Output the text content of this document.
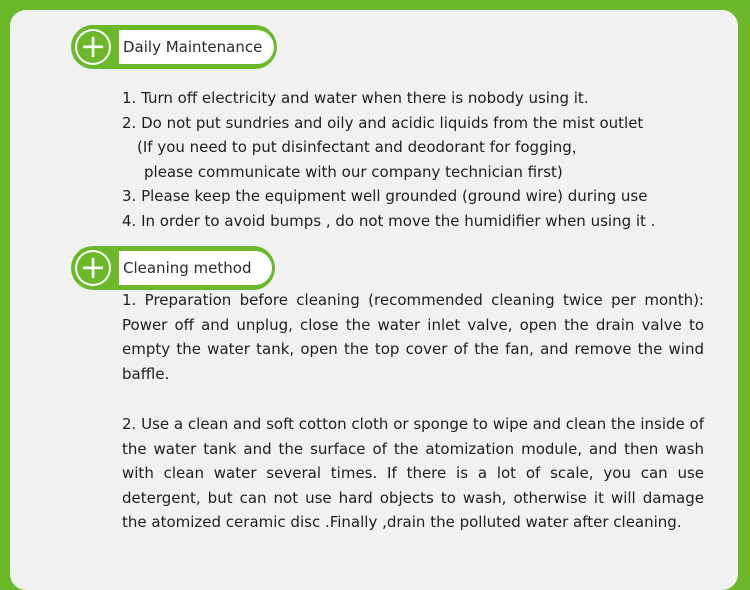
+	Daily Maintenance
1. Turn off electricity and water when there is nobody using it.
2. Do not put sundries and oily and acidic liquids from the mist outlet
(If you need to put disinfectant and deodorant for fogging，
please communicate with our company technician first)
3. Please keep the equipment well grounded (ground wire) during use
4. In order to avoid bumps , do not move the humidifier when using it .
+	Cleaning method
1. Preparation before cleaning (recommended cleaning twice per month): Power off and unplug, close the water inlet valve, open the drain valve to empty the water tank, open the top cover of the fan, and remove the wind baffle.
2. Use a clean and soft cotton cloth or sponge to wipe and clean the inside of the water tank and the surface of the atomization module, and then wash with clean water several times. If there is a lot of scale, you can use detergent, but can not use hard objects to wash, otherwise it will damage the atomized ceramic disc .Finally ,drain the polluted water after cleaning.
